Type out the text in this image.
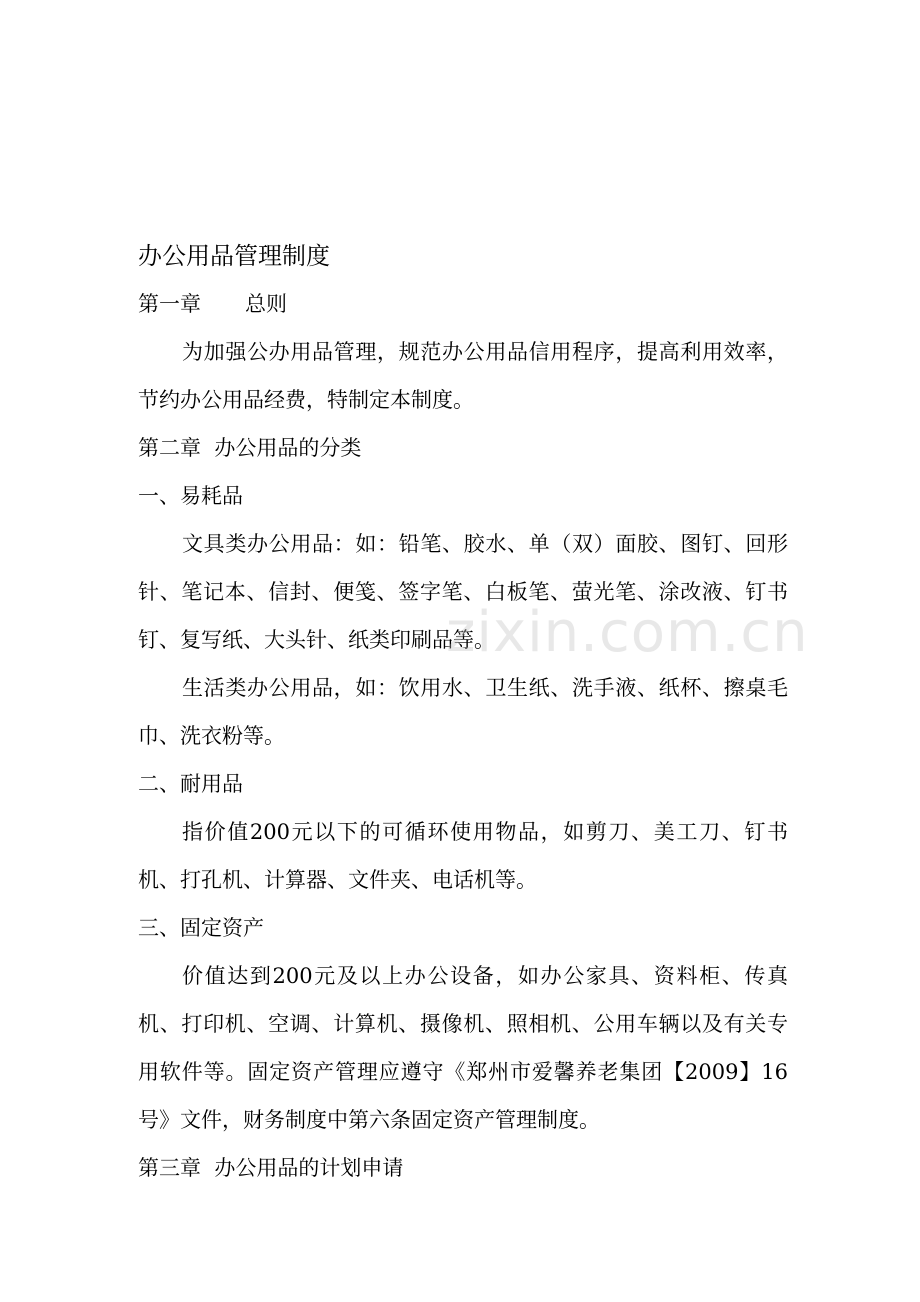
办公用品管理制度

第一章 总则

为加强公办用品管理，规范办公用品信用程序，提高利用效率，节约办公用品经费，特制定本制度。

第二章  办公用品的分类

一、易耗品

文具类办公用品：如：铅笔、胶水、单（双）面胶、图钉、回形针、笔记本、信封、便笺、签字笔、白板笔、萤光笔、涂改液、钉书钉、复写纸、大头针、纸类印刷品等。

生活类办公用品，如：饮用水、卫生纸、洗手液、纸杯、擦桌毛巾、洗衣粉等。

二、耐用品

指价值200元以下的可循环使用物品，如剪刀、美工刀、钉书机、打孔机、计算器、文件夹、电话机等。

三、固定资产

价值达到200元及以上办公设备，如办公家具、资料柜、传真机、打印机、空调、计算机、摄像机、照相机、公用车辆以及有关专用软件等。固定资产管理应遵守《郑州市爱馨养老集团【2009】16号》文件，财务制度中第六条固定资产管理制度。

第三章  办公用品的计划申请

zixin.com.cn
